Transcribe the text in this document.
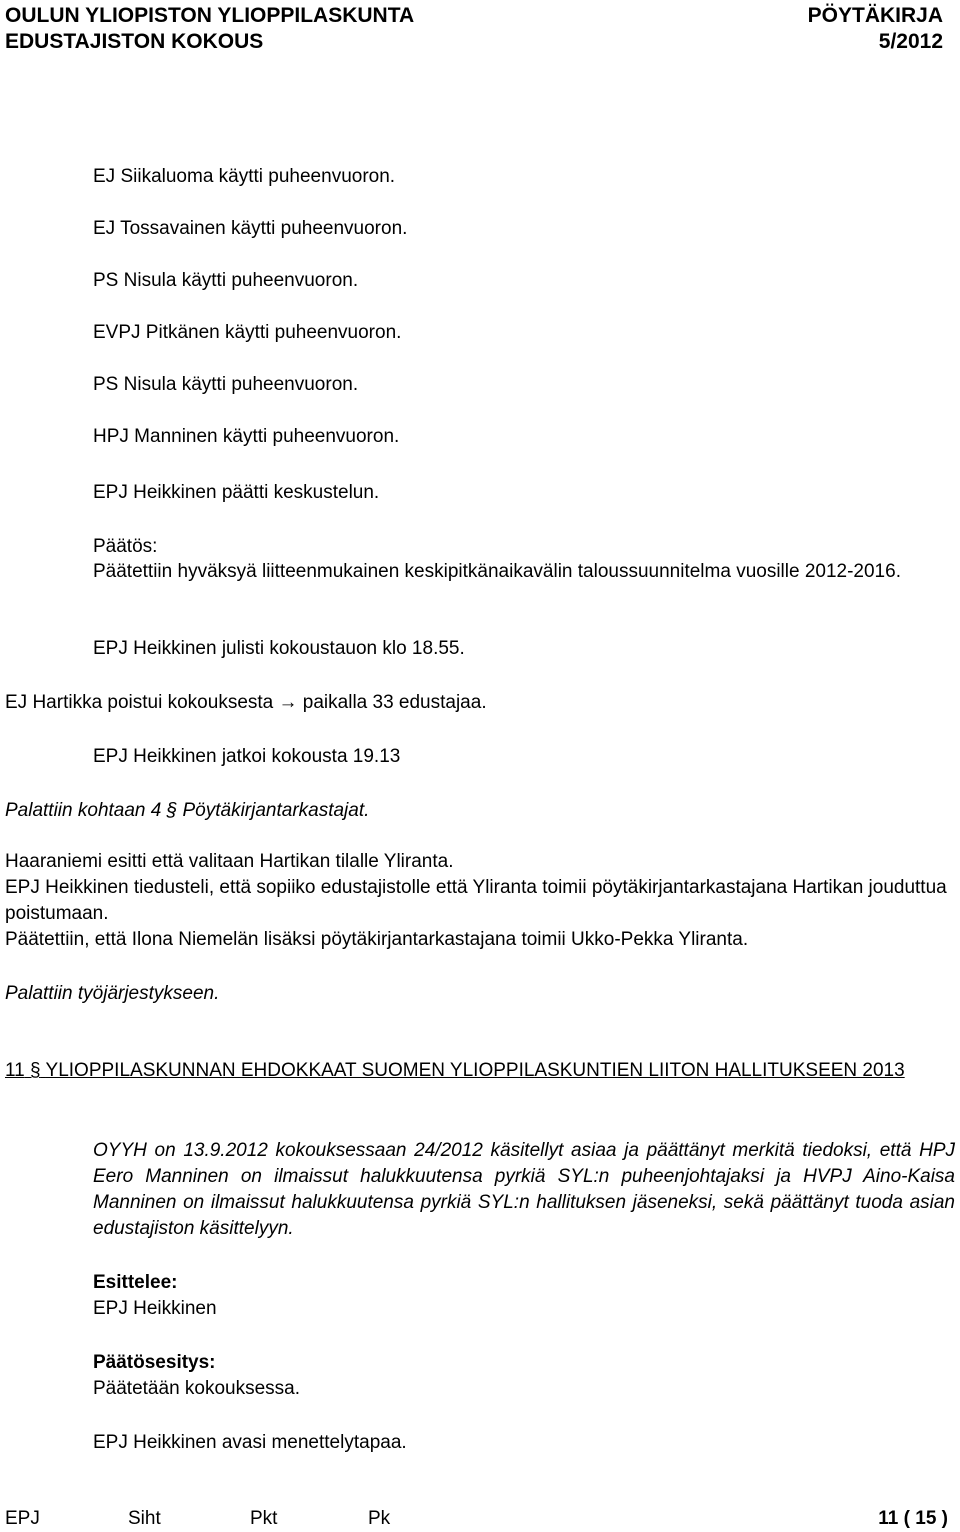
OULUN YLIOPISTON YLIOPPILASKUNTA	PÖYTÄKIRJA
EDUSTAJISTON KOKOUS	5/2012
EJ Siikaluoma käytti puheenvuoron.
EJ Tossavainen käytti puheenvuoron.
PS Nisula käytti puheenvuoron.
EVPJ Pitkänen käytti puheenvuoron.
PS Nisula käytti puheenvuoron.
HPJ Manninen käytti puheenvuoron.
EPJ Heikkinen päätti keskustelun.
Päätös:
Päätettiin hyväksyä liitteenmukainen keskipitkänaikavälin taloussuunnitelma vuosille 2012-2016.
EPJ Heikkinen julisti kokoustauon klo 18.55.
EJ Hartikka poistui kokouksesta → paikalla 33 edustajaa.
EPJ Heikkinen jatkoi kokousta 19.13
Palattiin kohtaan 4 § Pöytäkirjantarkastajat.
Haaraniemi esitti että valitaan Hartikan tilalle Yliranta.
EPJ Heikkinen tiedusteli, että sopiiko edustajistolle että Yliranta toimii pöytäkirjantarkastajana Hartikan jouduttua poistumaan.
Päätettiin, että Ilona Niemelän lisäksi pöytäkirjantarkastajana toimii Ukko-Pekka Yliranta.
Palattiin työjärjestykseen.
11 § YLIOPPILASKUNNAN EHDOKKAAT SUOMEN YLIOPPILASKUNTIEN LIITON HALLITUKSEEN 2013
OYYH on 13.9.2012 kokouksessaan 24/2012 käsitellyt asiaa ja päättänyt merkitä tiedoksi, että HPJ Eero Manninen on ilmaissut halukkuutensa pyrkiä SYL:n puheenjohtajaksi ja HVPJ Aino-Kaisa Manninen on ilmaissut halukkuutensa pyrkiä SYL:n hallituksen jäseneksi, sekä päättänyt tuoda asian edustajiston käsittelyyn.
Esittelee:
EPJ Heikkinen
Päätösesitys:
Päätetään kokouksessa.
EPJ Heikkinen avasi menettelytapaa.
EPJ	Siht	Pkt	Pk	11 ( 15 )
